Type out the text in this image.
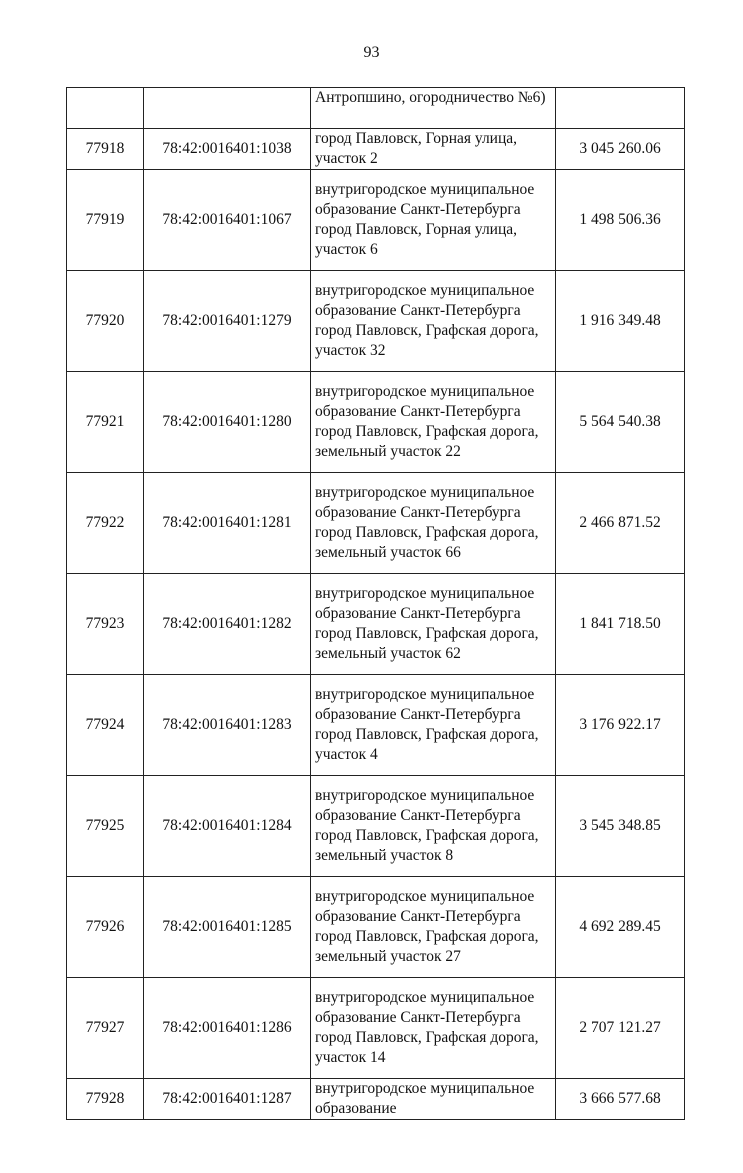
93
		Антропшино, огородничество №6)	
77918	78:42:0016401:1038	город Павловск, Горная улица, участок 2	3 045 260.06
77919	78:42:0016401:1067	внутригородское муниципальное образование Санкт-Петербурга город Павловск, Горная улица, участок 6	1 498 506.36
77920	78:42:0016401:1279	внутригородское муниципальное образование Санкт-Петербурга город Павловск, Графская дорога, участок 32	1 916 349.48
77921	78:42:0016401:1280	внутригородское муниципальное образование Санкт-Петербурга город Павловск, Графская дорога, земельный участок 22	5 564 540.38
77922	78:42:0016401:1281	внутригородское муниципальное образование Санкт-Петербурга город Павловск, Графская дорога, земельный участок 66	2 466 871.52
77923	78:42:0016401:1282	внутригородское муниципальное образование Санкт-Петербурга город Павловск, Графская дорога, земельный участок 62	1 841 718.50
77924	78:42:0016401:1283	внутригородское муниципальное образование Санкт-Петербурга город Павловск, Графская дорога, участок 4	3 176 922.17
77925	78:42:0016401:1284	внутригородское муниципальное образование Санкт-Петербурга город Павловск, Графская дорога, земельный участок 8	3 545 348.85
77926	78:42:0016401:1285	внутригородское муниципальное образование Санкт-Петербурга город Павловск, Графская дорога, земельный участок 27	4 692 289.45
77927	78:42:0016401:1286	внутригородское муниципальное образование Санкт-Петербурга город Павловск, Графская дорога, участок 14	2 707 121.27
77928	78:42:0016401:1287	внутригородское муниципальное образование	3 666 577.68
